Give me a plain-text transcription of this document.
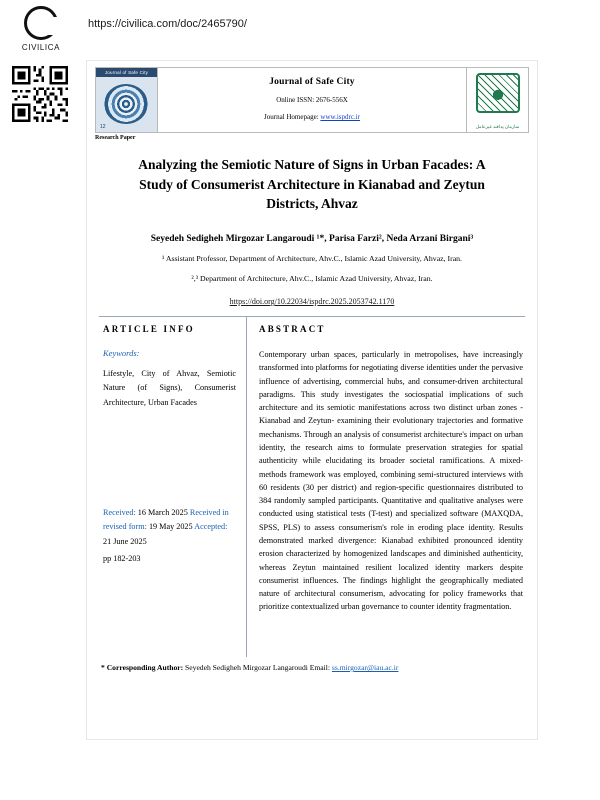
CIVILICA
https://civilica.com/doc/2465790/
Journal of Safe City
12
Journal of Safe City
Online ISSN: 2676-556X
Journal Homepage: www.ispdrc.ir
سازمان پدافند غیرعامل
Research Paper
Analyzing the Semiotic Nature of Signs in Urban Facades: A Study of Consumerist Architecture in Kianabad and Zeytun Districts, Ahvaz
Seyedeh Sedigheh Mirgozar Langaroudi ¹*, Parisa Farzi², Neda Arzani Birgani³
¹ Assistant Professor, Department of Architecture, Ahv.C., Islamic Azad University, Ahvaz, Iran.
²,³ Department of Architecture, Ahv.C., Islamic Azad University, Ahvaz, Iran.
https://doi.org/10.22034/ispdrc.2025.2053742.1170
ARTICLE INFO
Keywords:
Lifestyle, City of Ahvaz, Semiotic Nature (of Signs), Consumerist Architecture, Urban Facades
Received: 16 March 2025 Received in revised form: 19 May 2025 Accepted: 21 June 2025
pp 182-203
ABSTRACT
Contemporary urban spaces, particularly in metropolises, have increasingly transformed into platforms for negotiating diverse identities under the pervasive influence of advertising, commercial hubs, and consumer-driven architectural paradigms. This study investigates the sociospatial implications of such architecture and its semiotic manifestations across two distinct urban zones - Kianabad and Zeytun- examining their evolutionary trajectories and formative mechanisms. Through an analysis of consumerist architecture's impact on urban identity, the research aims to formulate preservation strategies for spatial authenticity while elucidating its broader societal ramifications. A mixed-methods framework was employed, combining semi-structured interviews with 60 residents (30 per district) and region-specific questionnaires distributed to 384 randomly sampled participants. Quantitative and qualitative analyses were conducted using statistical tests (T-test) and specialized software (MAXQDA, SPSS, PLS) to assess consumerism's role in eroding place identity. Results demonstrated marked divergence: Kianabad exhibited pronounced identity erosion characterized by homogenized landscapes and diminished authenticity, whereas Zeytun maintained resilient localized identity markers despite consumerist influences. The findings highlight the geographically mediated nature of architectural consumerism, advocating for policy frameworks that prioritize contextualized urban governance to counter identity fragmentation.
* Corresponding Author: Seyedeh Sedigheh Mirgozar Langaroudi Email: ss.mirgozar@iau.ac.ir
